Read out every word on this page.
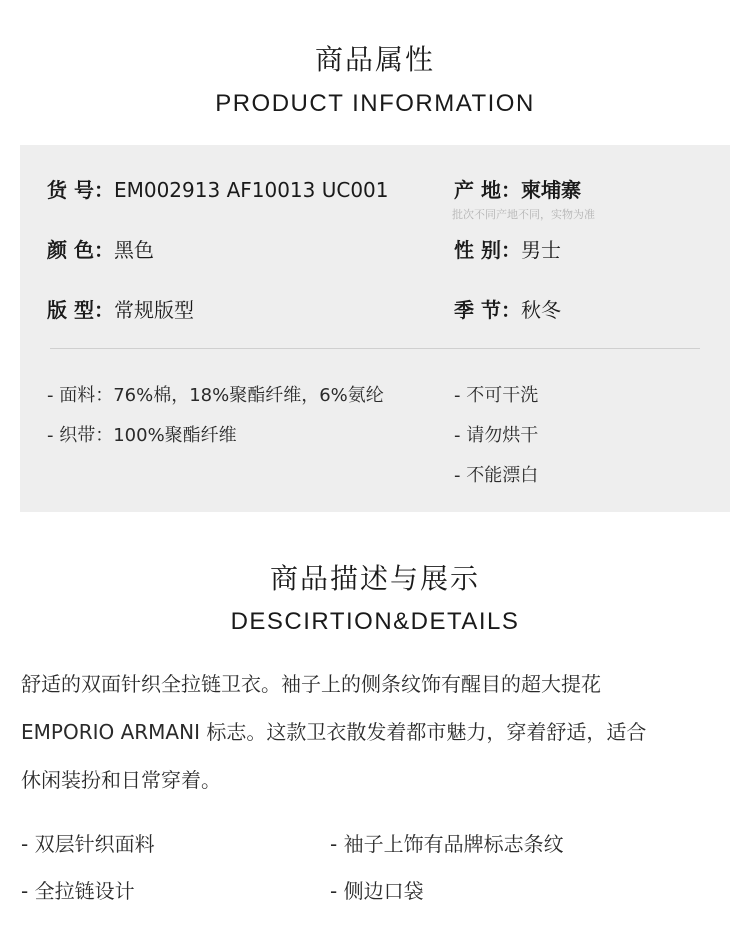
商品属性
PRODUCT INFORMATION
货 号：EM002913 AF10013 UC001	产 地：柬埔寨
批次不同产地不同，实物为准
颜 色：黑色	性 别：男士
版 型：常规版型	季 节：秋冬
- 面料：76%棉，18%聚酯纤维，6%氨纶
- 织带：100%聚酯纤维
- 不可干洗
- 请勿烘干
- 不能漂白
商品描述与展示
DESCIRTION&DETAILS
舒适的双面针织全拉链卫衣。袖子上的侧条纹饰有醒目的超大提花
EMPORIO ARMANI 标志。这款卫衣散发着都市魅力，穿着舒适，适合
休闲装扮和日常穿着。
- 双层针织面料	- 袖子上饰有品牌标志条纹
- 全拉链设计	- 侧边口袋
